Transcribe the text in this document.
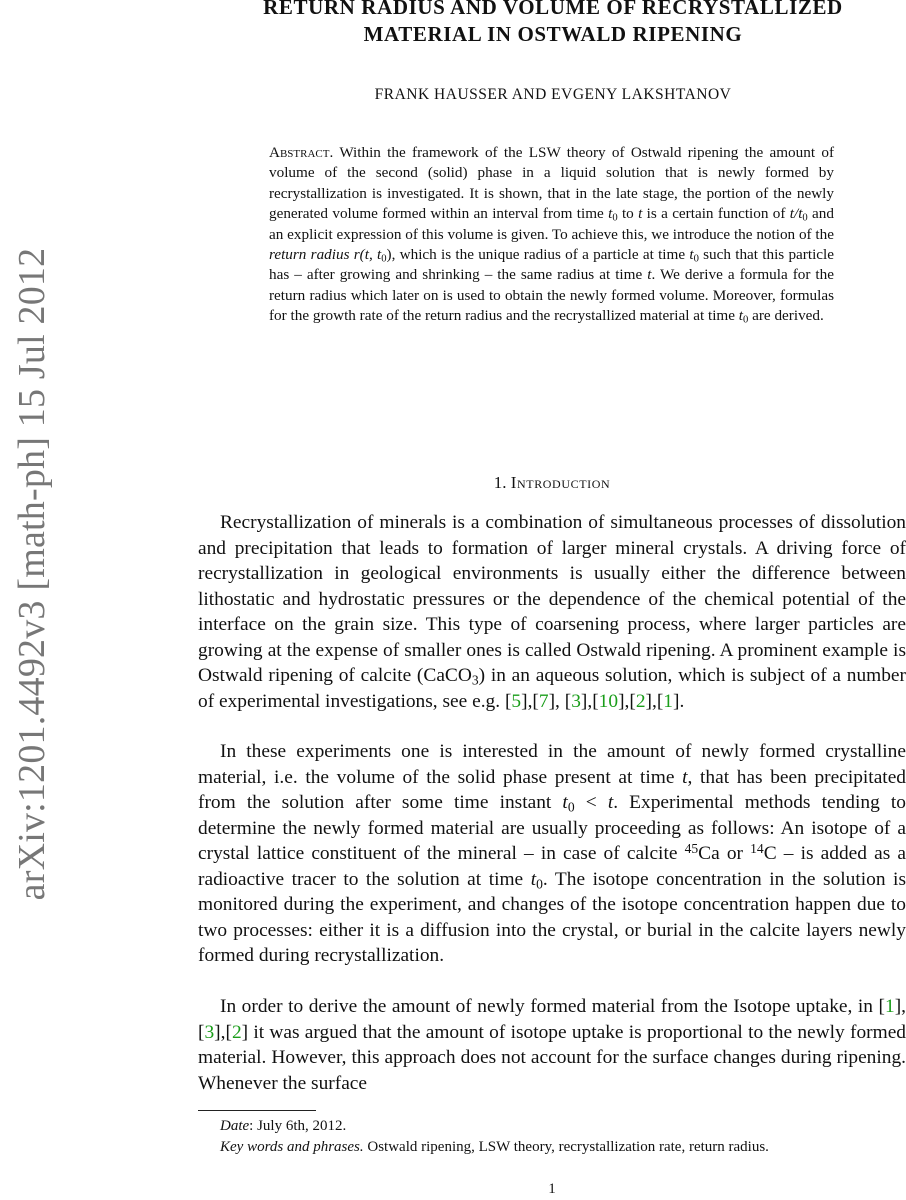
arXiv:1201.4492v3 [math-ph] 15 Jul 2012
RETURN RADIUS AND VOLUME OF RECRYSTALLIZED
MATERIAL IN OSTWALD RIPENING
FRANK HAUSSER AND EVGENY LAKSHTANOV
Abstract. Within the framework of the LSW theory of Ostwald ripening the amount of volume of the second (solid) phase in a liquid solution that is newly formed by recrystallization is investigated. It is shown, that in the late stage, the portion of the newly generated volume formed within an interval from time $t_0$ to t is a certain function of $t/t_0$ and an explicit expression of this volume is given. To achieve this, we introduce the notion of the return radius r(t, $t_0$), which is the unique radius of a particle at time $t_0$ such that this particle has – after growing and shrinking – the same radius at time t. We derive a formula for the return radius which later on is used to obtain the newly formed volume. Moreover, formulas for the growth rate of the return radius and the recrystallized material at time $t_0$ are derived.
1. Introduction

Recrystallization of minerals is a combination of simultaneous processes of dissolution and precipitation that leads to formation of larger mineral crystals. A driving force of recrystallization in geological environments is usually either the difference between lithostatic and hydrostatic pressures or the dependence of the chemical potential of the interface on the grain size. This type of coarsening process, where larger particles are growing at the expense of smaller ones is called Ostwald ripening. A prominent example is Ostwald ripening of calcite (CaCO$_3$) in an aqueous solution, which is subject of a number of experimental investigations, see e.g. [5],[7], [3],[10],[2],[1].

In these experiments one is interested in the amount of newly formed crystalline material, i.e. the volume of the solid phase present at time t, that has been precipitated from the solution after some time instant $t_0 < t$. Experimental methods tending to determine the newly formed material are usually proceeding as follows: An isotope of a crystal lattice constituent of the mineral – in case of calcite $^{45}$Ca or $^{14}$C – is added as a radioactive tracer to the solution at time $t_0$. The isotope concentration in the solution is monitored during the experiment, and changes of the isotope concentration happen due to two processes: either it is a diffusion into the crystal, or burial in the calcite layers newly formed during recrystallization.

In order to derive the amount of newly formed material from the Isotope uptake, in [1],[3],[2] it was argued that the amount of isotope uptake is proportional to the newly formed material. However, this approach does not account for the surface changes during ripening. Whenever the surface

Date: July 6th, 2012.

Key words and phrases. Ostwald ripening, LSW theory, recrystallization rate, return radius.

1
